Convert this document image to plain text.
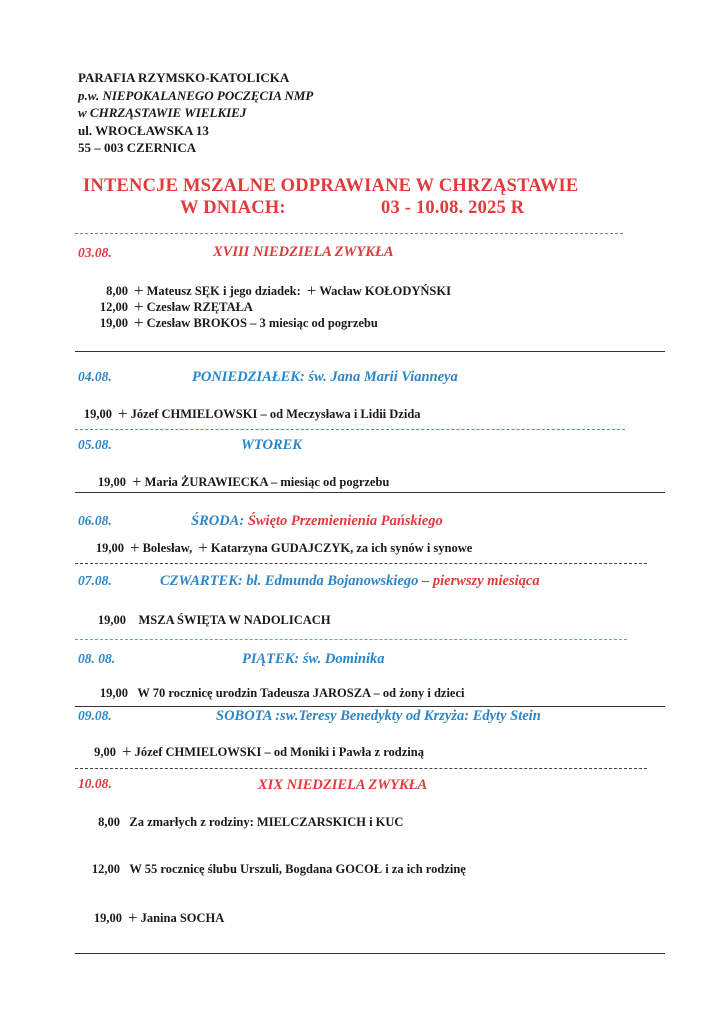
PARAFIA RZYMSKO-KATOLICKA
p.w. NIEPOKALANEGO POCZĘCIA NMP
w CHRZĄSTAWIE WIELKIEJ
ul. WROCŁAWSKA 13
55 – 003 CZERNICA
INTENCJE MSZALNE ODPRAWIANE W CHRZĄSTAWIE
W DNIACH:	03 - 10.08. 2025 R
03.08.	XVIII NIEDZIELA ZWYKŁA
8,00 + Mateusz SĘK i jego dziadek: + Wacław KOŁODYŃSKI
12,00 + Czesław RZĘTAŁA
19,00 + Czesław BROKOS – 3 miesiąc od pogrzebu
04.08.	PONIEDZIAŁEK: św. Jana Marii Vianneya
19,00 + Józef CHMIELOWSKI – od Meczysława i Lidii Dzida
05.08.	WTOREK
19,00 + Maria ŻURAWIECKA – miesiąc od pogrzebu
06.08.	ŚRODA: Święto Przemienienia Pańskiego
19,00 + Bolesław, + Katarzyna GUDAJCZYK, za ich synów i synowe
07.08.	CZWARTEK: bł. Edmunda Bojanowskiego – pierwszy miesiąca
19,00 MSZA ŚWIĘTA W NADOLICACH
08. 08.	PIĄTEK: św. Dominika
19,00 W 70 rocznicę urodzin Tadeusza JAROSZA – od żony i dzieci
09.08.	SOBOTA :sw.Teresy Benedykty od Krzyża: Edyty Stein
9,00 + Józef CHMIELOWSKI – od Moniki i Pawła z rodziną
10.08.	XIX NIEDZIELA ZWYKŁA
8,00 Za zmarłych z rodziny: MIELCZARSKICH i KUC
12,00 W 55 rocznicę ślubu Urszuli, Bogdana GOCOŁ i za ich rodzinę
19,00 + Janina SOCHA
